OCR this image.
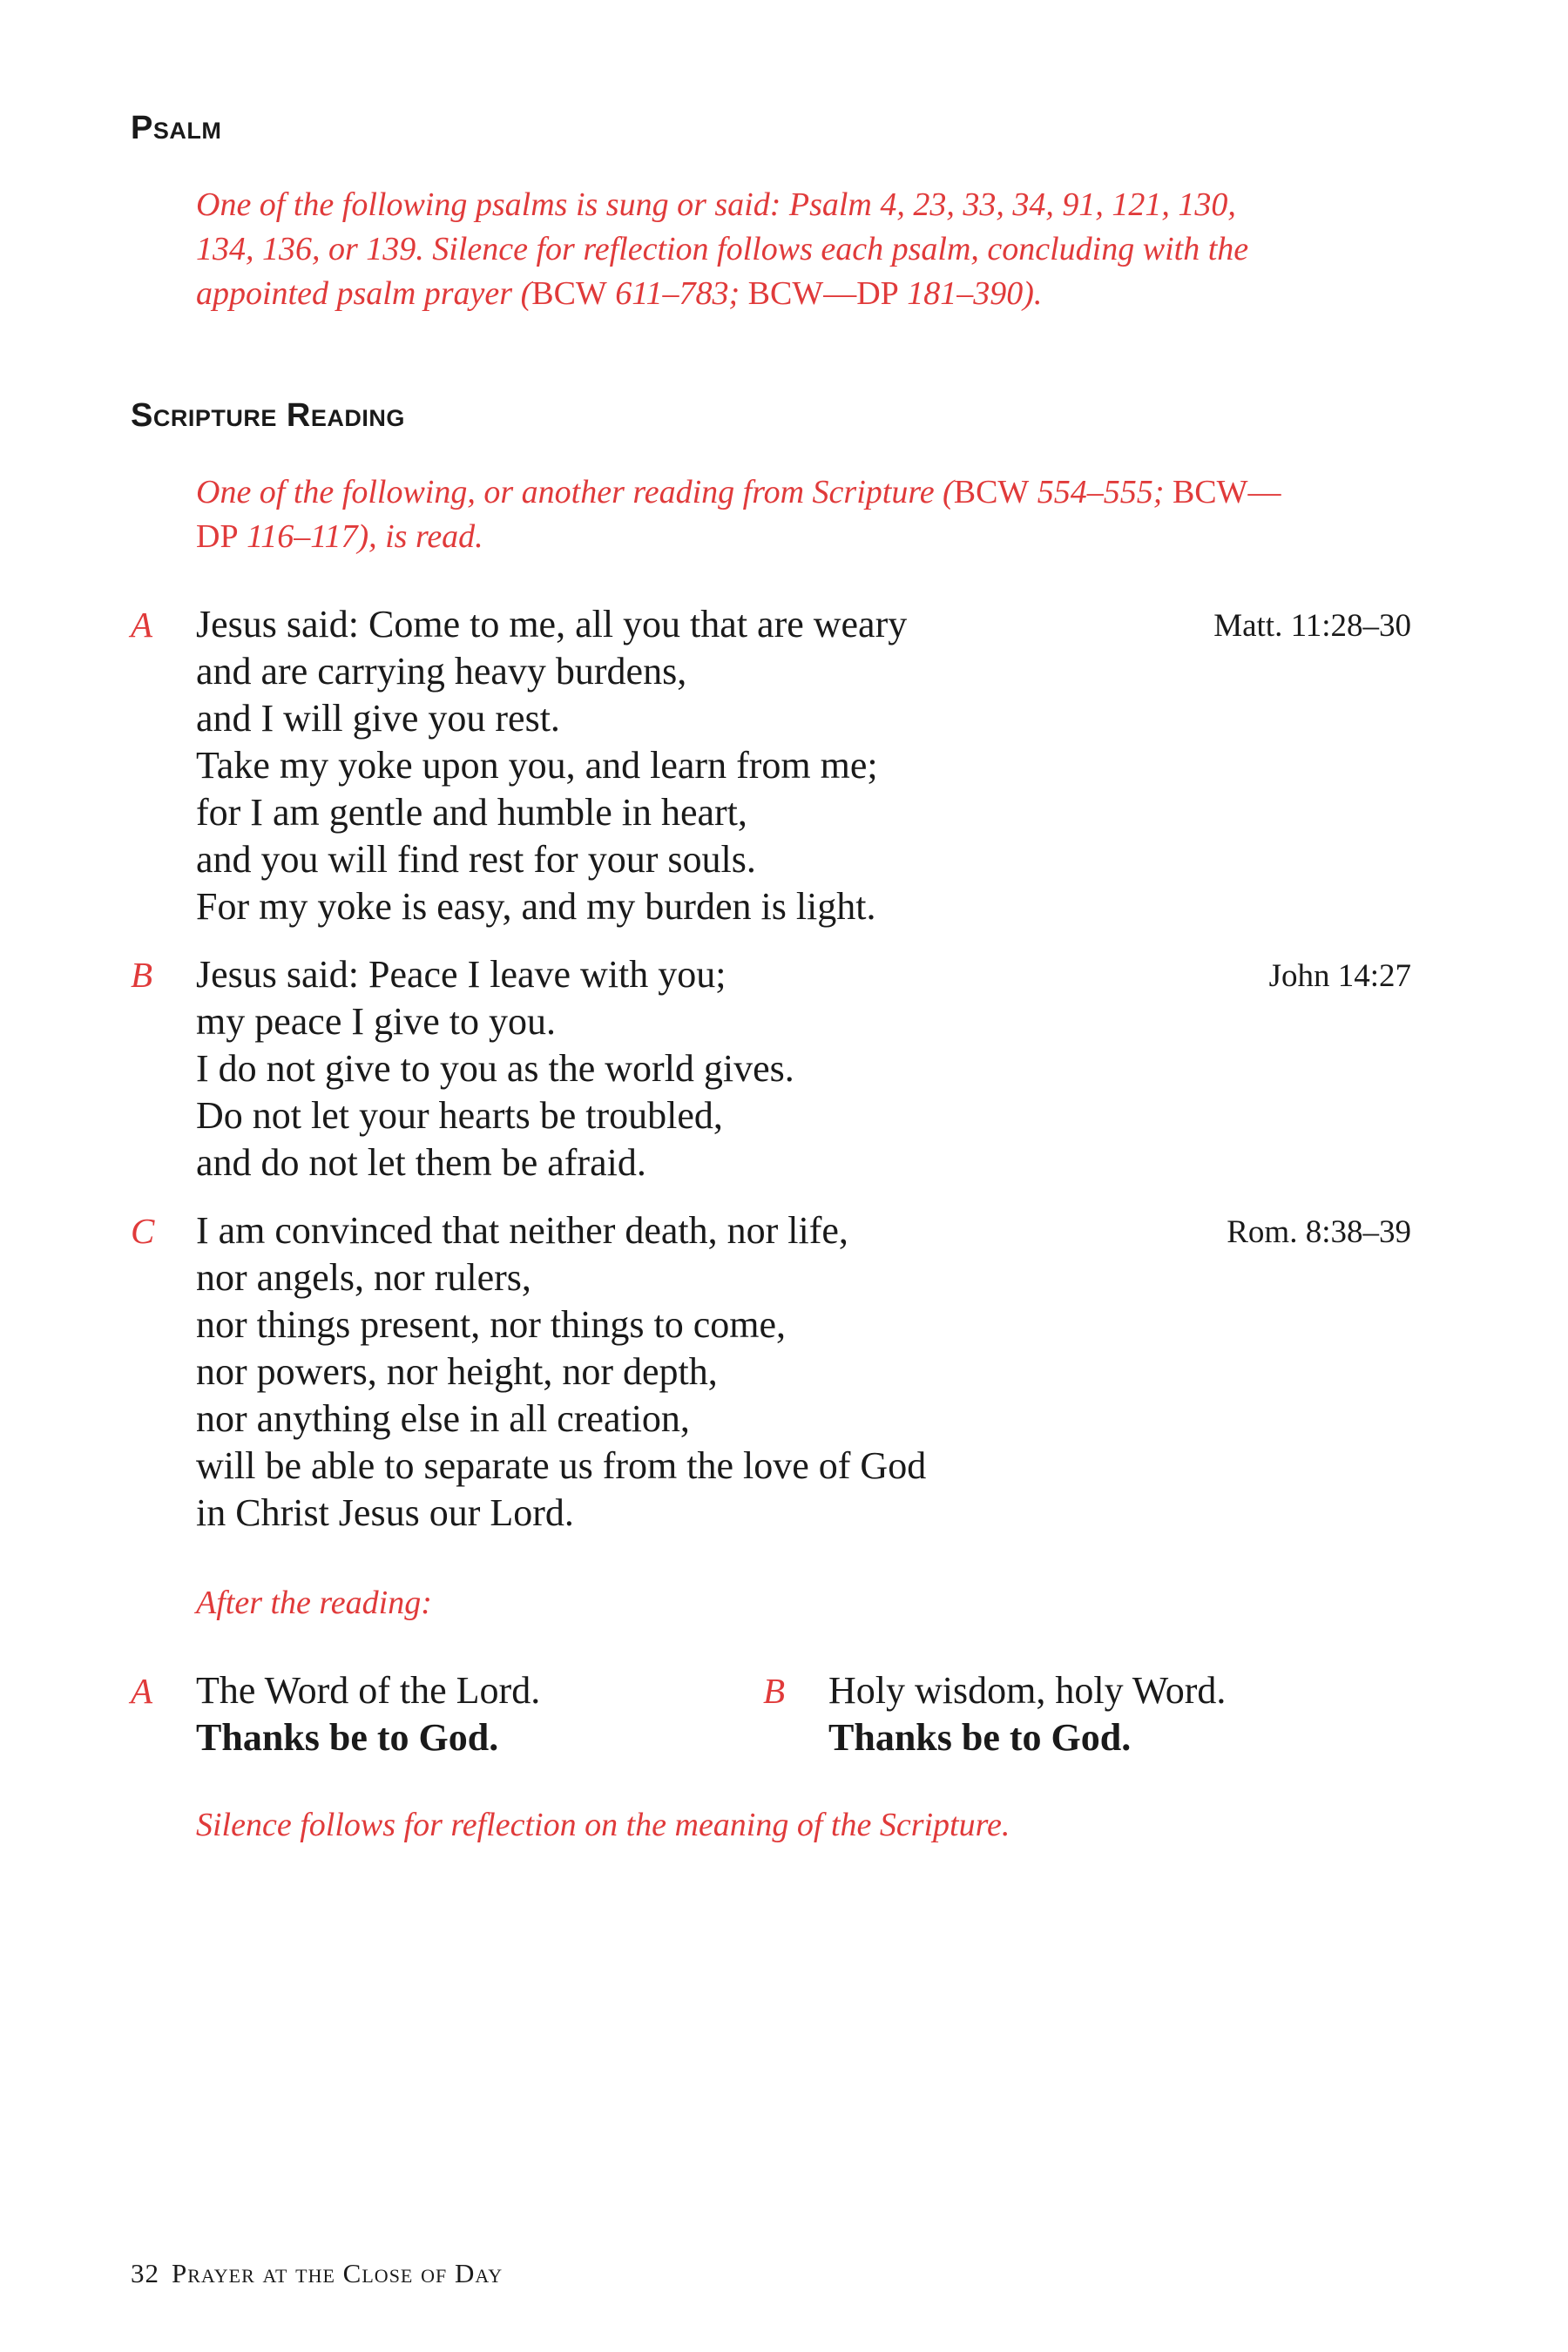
Psalm
One of the following psalms is sung or said: Psalm 4, 23, 33, 34, 91, 121, 130,
134, 136, or 139. Silence for reflection follows each psalm, concluding with the
appointed psalm prayer (BCW 611–783; BCW—DP 181–390).
Scripture Reading
One of the following, or another reading from Scripture (BCW 554–555; BCW—
DP 116–117), is read.
A Jesus said: Come to me, all you that are weary
and are carrying heavy burdens,
and I will give you rest.
Take my yoke upon you, and learn from me;
for I am gentle and humble in heart,
and you will find rest for your souls.
For my yoke is easy, and my burden is light.
Matt. 11:28–30
B Jesus said: Peace I leave with you;
my peace I give to you.
I do not give to you as the world gives.
Do not let your hearts be troubled,
and do not let them be afraid.
John 14:27
C I am convinced that neither death, nor life,
nor angels, nor rulers,
nor things present, nor things to come,
nor powers, nor height, nor depth,
nor anything else in all creation,
will be able to separate us from the love of God
in Christ Jesus our Lord.
Rom. 8:38–39
After the reading:
A The Word of the Lord.
Thanks be to God.
B Holy wisdom, holy Word.
Thanks be to God.
Silence follows for reflection on the meaning of the Scripture.
32 Prayer at the Close of Day
